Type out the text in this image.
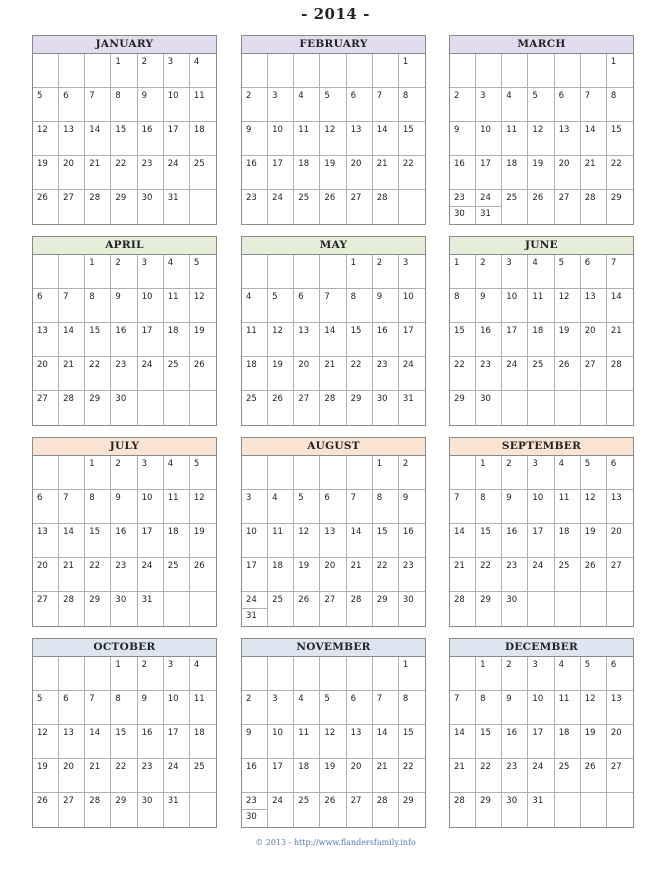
- 2014 -
JANUARY
1 2 3 4
5 6 7 8 9 10 11
12 13 14 15 16 17 18
19 20 21 22 23 24 25
26 27 28 29 30 31
FEBRUARY
1
2 3 4 5 6 7 8
9 10 11 12 13 14 15
16 17 18 19 20 21 22
23 24 25 26 27 28
MARCH
1
2 3 4 5 6 7 8
9 10 11 12 13 14 15
16 17 18 19 20 21 22
23
30
24
31
25 26 27 28 29
APRIL
1 2 3 4 5
6 7 8 9 10 11 12
13 14 15 16 17 18 19
20 21 22 23 24 25 26
27 28 29 30
MAY
1 2 3
4 5 6 7 8 9 10
11 12 13 14 15 16 17
18 19 20 21 22 23 24
25 26 27 28 29 30 31
JUNE
1 2 3 4 5 6 7
8 9 10 11 12 13 14
15 16 17 18 19 20 21
22 23 24 25 26 27 28
29 30
JULY
1 2 3 4 5
6 7 8 9 10 11 12
13 14 15 16 17 18 19
20 21 22 23 24 25 26
27 28 29 30 31
AUGUST
1 2
3 4 5 6 7 8 9
10 11 12 13 14 15 16
17 18 19 20 21 22 23
24
31
25 26 27 28 29 30
SEPTEMBER
1 2 3 4 5 6
7 8 9 10 11 12 13
14 15 16 17 18 19 20
21 22 23 24 25 26 27
28 29 30
OCTOBER
1 2 3 4
5 6 7 8 9 10 11
12 13 14 15 16 17 18
19 20 21 22 23 24 25
26 27 28 29 30 31
NOVEMBER
1
2 3 4 5 6 7 8
9 10 11 12 13 14 15
16 17 18 19 20 21 22
23
30
24 25 26 27 28 29
DECEMBER
1 2 3 4 5 6
7 8 9 10 11 12 13
14 15 16 17 18 19 20
21 22 23 24 25 26 27
28 29 30 31
© 2013 - http://www.flandersfamily.info
